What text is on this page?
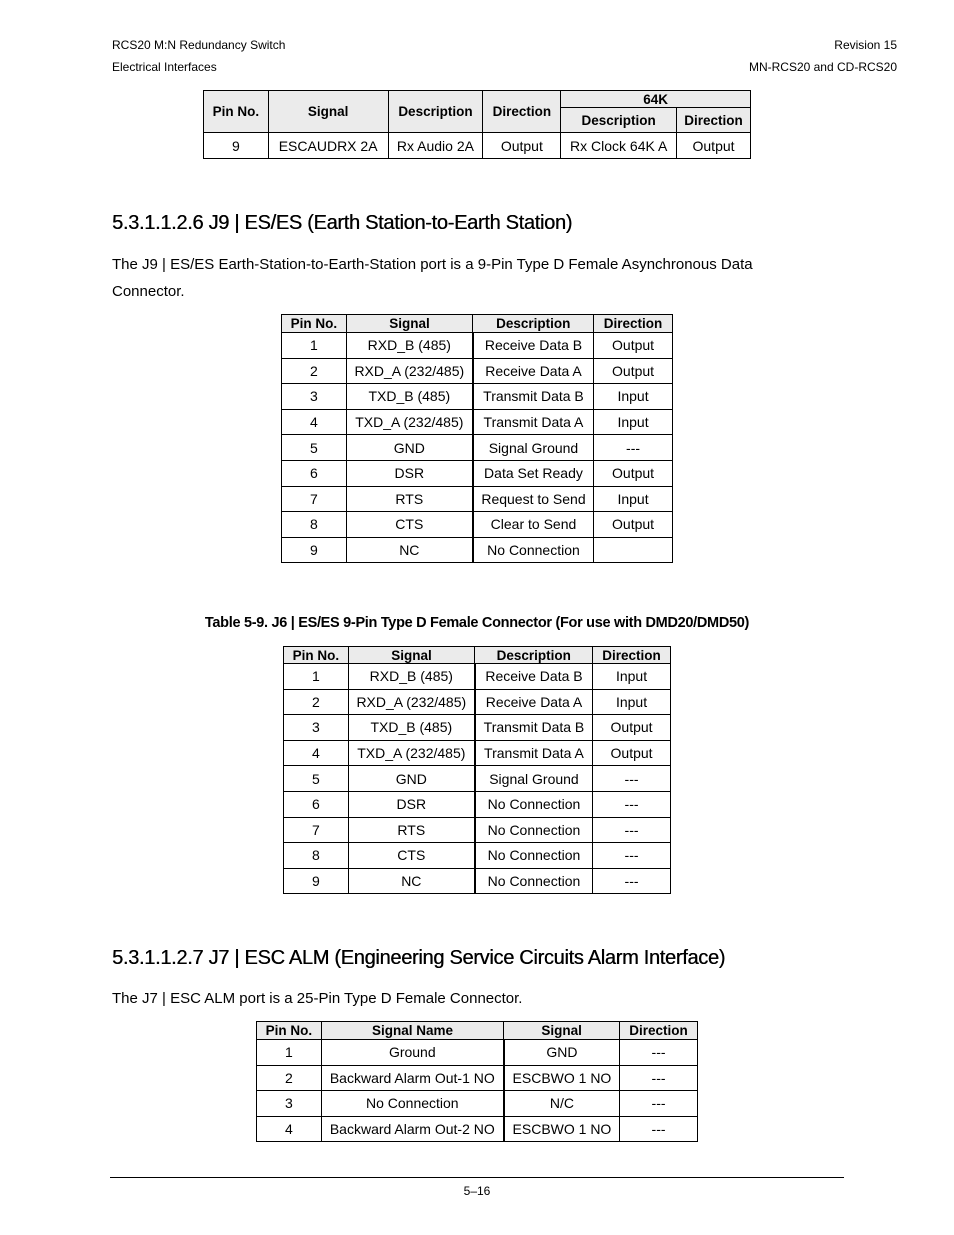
RCS20 M:N Redundancy Switch
Electrical Interfaces
Revision 15
MN-RCS20 and CD-RCS20
Pin No.	Signal	Description	Direction	64K	
				Description	Direction
9	ESCAUDRX 2A	Rx Audio 2A	Output	Rx Clock 64K A	Output
5.3.1.1.2.6 J9 | ES/ES (Earth Station-to-Earth Station)

The J9 | ES/ES Earth-Station-to-Earth-Station port is a 9-Pin Type D Female Asynchronous Data Connector.

Pin No.	Signal	Description	Direction
1	RXD_B (485)	Receive Data B	Output
2	RXD_A (232/485)	Receive Data A	Output
3	TXD_B (485)	Transmit Data B	Input
4	TXD_A (232/485)	Transmit Data A	Input
5	GND	Signal Ground	---
6	DSR	Data Set Ready	Output
7	RTS	Request to Send	Input
8	CTS	Clear to Send	Output
9	NC	No Connection	
Table 5-9. J6 | ES/ES 9-Pin Type D Female Connector (For use with DMD20/DMD50)
Pin No.	Signal	Description	Direction
1	RXD_B (485)	Receive Data B	Input
2	RXD_A (232/485)	Receive Data A	Input
3	TXD_B (485)	Transmit Data B	Output
4	TXD_A (232/485)	Transmit Data A	Output
5	GND	Signal Ground	---
6	DSR	No Connection	---
7	RTS	No Connection	---
8	CTS	No Connection	---
9	NC	No Connection	---
5.3.1.1.2.7 J7 | ESC ALM (Engineering Service Circuits Alarm Interface)

The J7 | ESC ALM port is a 25-Pin Type D Female Connector.

Pin No.	Signal Name	Signal	Direction
1	Ground	GND	---
2	Backward Alarm Out-1 NO	ESCBWO 1 NO	---
3	No Connection	N/C	---
4	Backward Alarm Out-2 NO	ESCBWO 1 NO	---
5–16
